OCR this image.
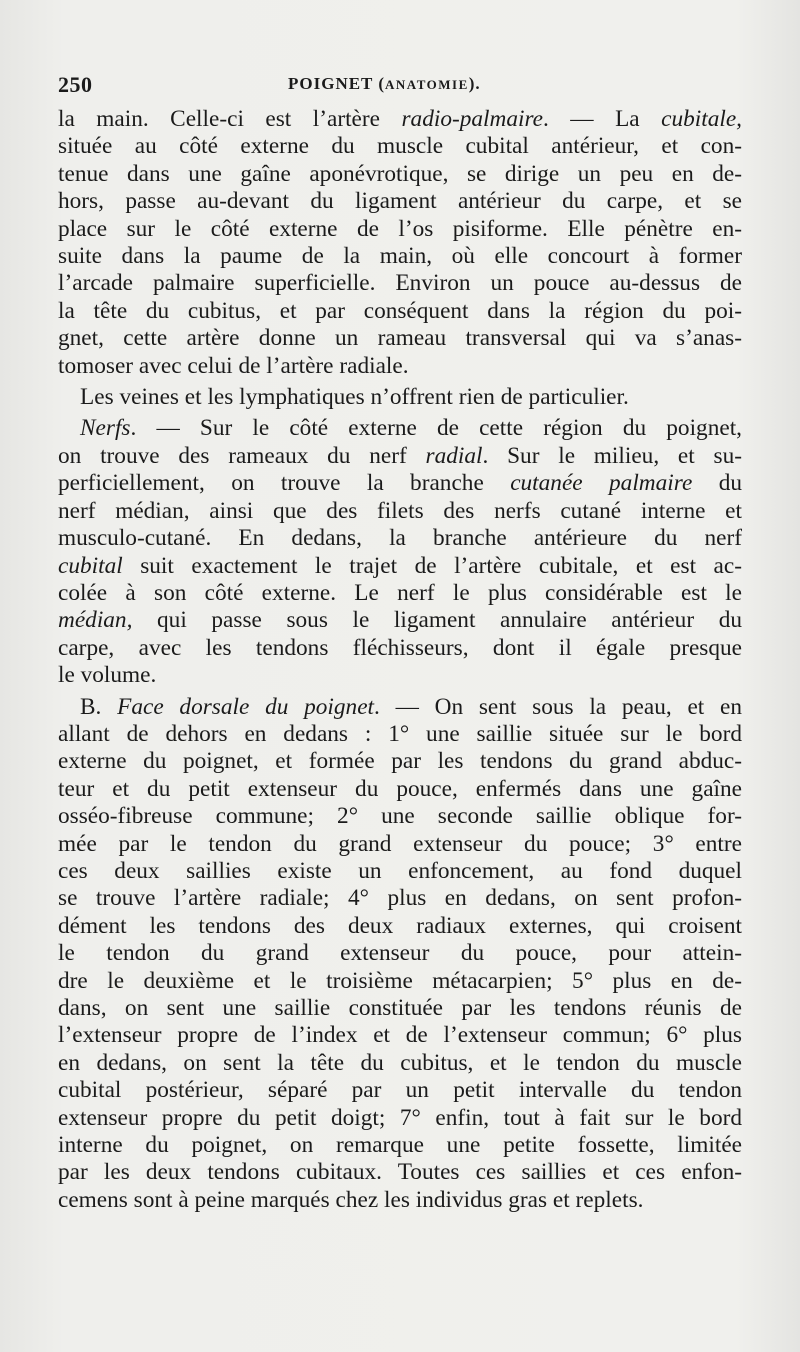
250	POIGNET (ANATOMIE).

la main. Celle-ci est l’artère radio-palmaire. — La cubitale,

située au côté externe du muscle cubital antérieur, et con-

tenue dans une gaîne aponévrotique, se dirige un peu en de-

hors, passe au-devant du ligament antérieur du carpe, et se

place sur le côté externe de l’os pisiforme. Elle pénètre en-

suite dans la paume de la main, où elle concourt à former

l’arcade palmaire superficielle. Environ un pouce au-dessus de

la tête du cubitus, et par conséquent dans la région du poi-

gnet, cette artère donne un rameau transversal qui va s’anas-

tomoser avec celui de l’artère radiale.

Les veines et les lymphatiques n’offrent rien de particulier.

Nerfs. — Sur le côté externe de cette région du poignet,

on trouve des rameaux du nerf radial. Sur le milieu, et su-

perficiellement, on trouve la branche cutanée palmaire du

nerf médian, ainsi que des filets des nerfs cutané interne et

musculo-cutané. En dedans, la branche antérieure du nerf

cubital suit exactement le trajet de l’artère cubitale, et est ac-

colée à son côté externe. Le nerf le plus considérable est le

médian, qui passe sous le ligament annulaire antérieur du

carpe, avec les tendons fléchisseurs, dont il égale presque

le volume.

B. Face dorsale du poignet. — On sent sous la peau, et en

allant de dehors en dedans : 1° une saillie située sur le bord

externe du poignet, et formée par les tendons du grand abduc-

teur et du petit extenseur du pouce, enfermés dans une gaîne

osséo-fibreuse commune; 2° une seconde saillie oblique for-

mée par le tendon du grand extenseur du pouce; 3° entre

ces deux saillies existe un enfoncement, au fond duquel

se trouve l’artère radiale; 4° plus en dedans, on sent profon-

dément les tendons des deux radiaux externes, qui croisent

le tendon du grand extenseur du pouce, pour attein-

dre le deuxième et le troisième métacarpien; 5° plus en de-

dans, on sent une saillie constituée par les tendons réunis de

l’extenseur propre de l’index et de l’extenseur commun; 6° plus

en dedans, on sent la tête du cubitus, et le tendon du muscle

cubital postérieur, séparé par un petit intervalle du tendon

extenseur propre du petit doigt; 7° enfin, tout à fait sur le bord

interne du poignet, on remarque une petite fossette, limitée

par les deux tendons cubitaux. Toutes ces saillies et ces enfon-

cemens sont à peine marqués chez les individus gras et replets.
